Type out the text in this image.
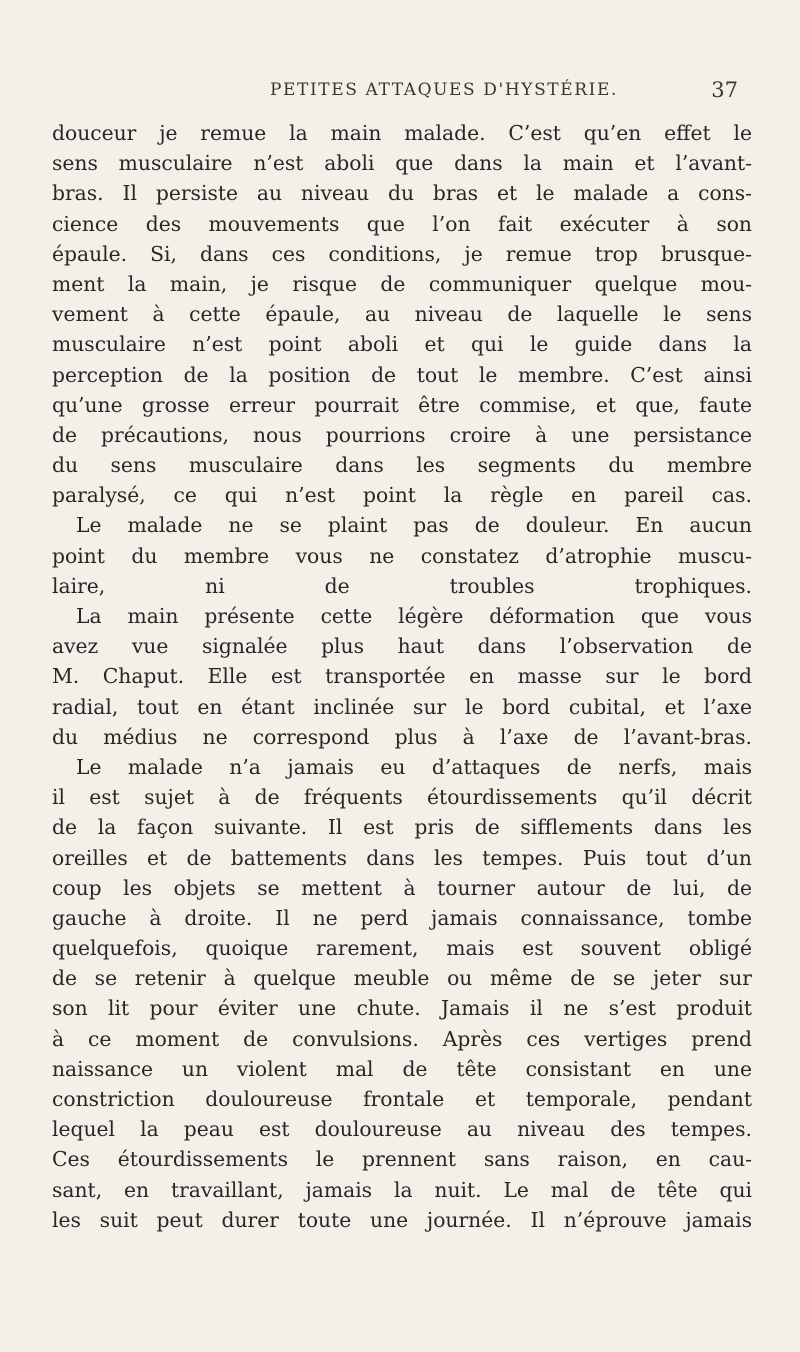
PETITES ATTAQUES D'HYSTÉRIE.	37
douceur je remue la main malade. C’est qu’en effet le
sens musculaire n’est aboli que dans la main et l’avant-
bras. Il persiste au niveau du bras et le malade a cons-
cience des mouvements que l’on fait exécuter à son
épaule. Si, dans ces conditions, je remue trop brusque-
ment la main, je risque de communiquer quelque mou-
vement à cette épaule, au niveau de laquelle le sens
musculaire n’est point aboli et qui le guide dans la
perception de la position de tout le membre. C’est ainsi
qu’une grosse erreur pourrait être commise, et que, faute
de précautions, nous pourrions croire à une persistance
du sens musculaire dans les segments du membre
paralysé, ce qui n’est point la règle en pareil cas.
Le malade ne se plaint pas de douleur. En aucun
point du membre vous ne constatez d’atrophie muscu-
laire, ni de troubles trophiques.
La main présente cette légère déformation que vous
avez vue signalée plus haut dans l’observation de
M. Chaput. Elle est transportée en masse sur le bord
radial, tout en étant inclinée sur le bord cubital, et l’axe
du médius ne correspond plus à l’axe de l’avant-bras.
Le malade n’a jamais eu d’attaques de nerfs, mais
il est sujet à de fréquents étourdissements qu’il décrit
de la façon suivante. Il est pris de sifflements dans les
oreilles et de battements dans les tempes. Puis tout d’un
coup les objets se mettent à tourner autour de lui, de
gauche à droite. Il ne perd jamais connaissance, tombe
quelquefois, quoique rarement, mais est souvent obligé
de se retenir à quelque meuble ou même de se jeter sur
son lit pour éviter une chute. Jamais il ne s’est produit
à ce moment de convulsions. Après ces vertiges prend
naissance un violent mal de tête consistant en une
constriction douloureuse frontale et temporale, pendant
lequel la peau est douloureuse au niveau des tempes.
Ces étourdissements le prennent sans raison, en cau-
sant, en travaillant, jamais la nuit. Le mal de tête qui
les suit peut durer toute une journée. Il n’éprouve jamais
